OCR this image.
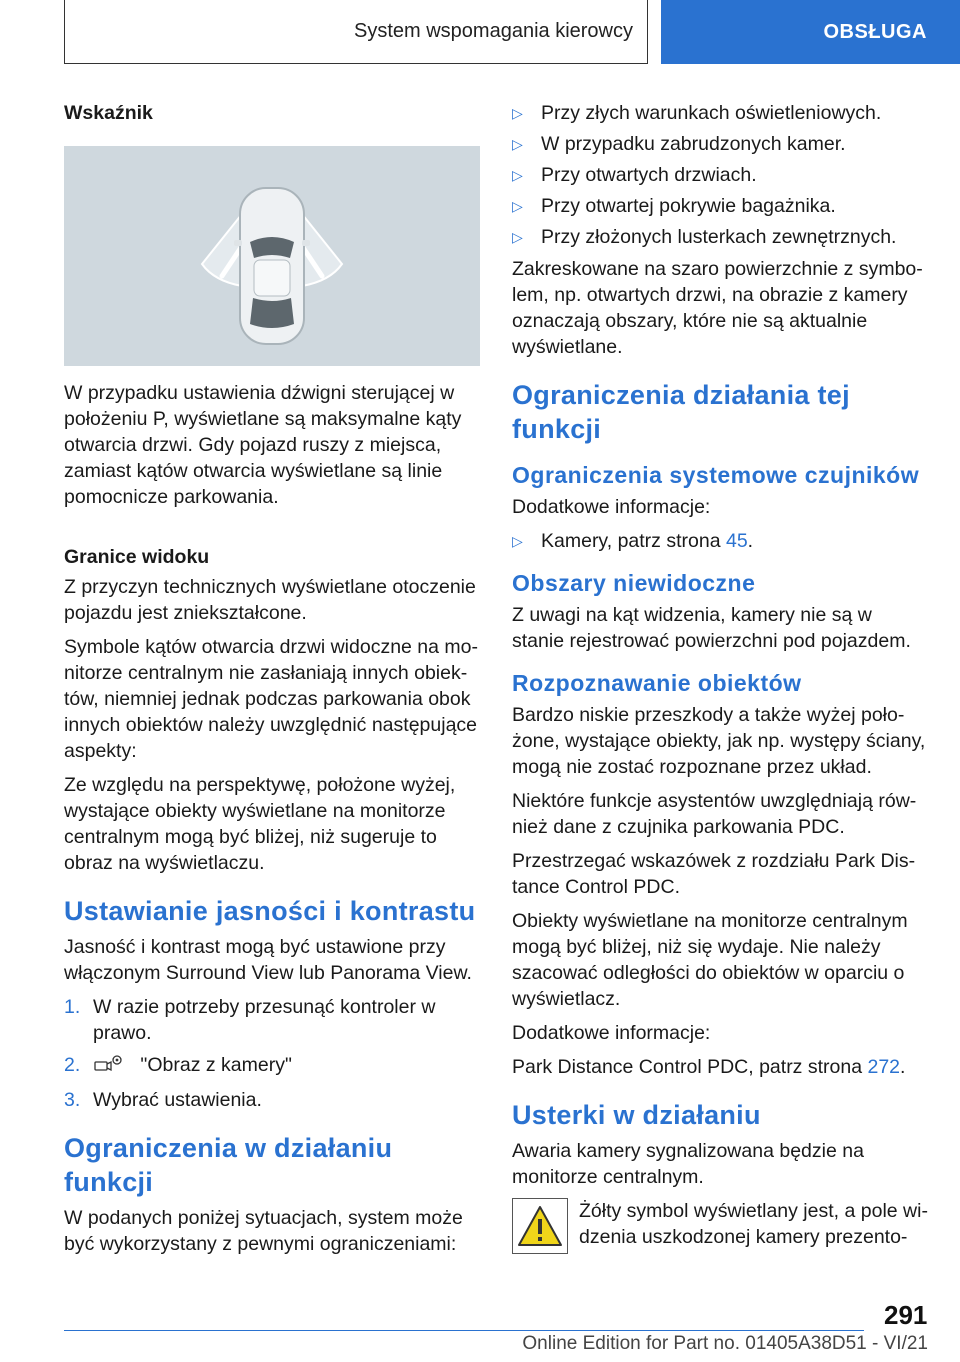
System wspomagania kierowcy	OBSŁUGA
Wskaźnik

W przypadku ustawienia dźwigni sterującej w położeniu P, wyświetlane są maksymalne kąty otwarcia drzwi. Gdy pojazd ruszy z miejsca, zamiast kątów otwarcia wyświetlane są linie pomocnicze parkowania.

Granice widoku

Z przyczyn technicznych wyświetlane otoczenie pojazdu jest zniekształcone.

Symbole kątów otwarcia drzwi widoczne na monitorze centralnym nie zasłaniają innych obiektów, niemniej jednak podczas parkowania obok innych obiektów należy uwzględnić następujące aspekty:

Ze względu na perspektywę, położone wyżej, wystające obiekty wyświetlane na monitorze centralnym mogą być bliżej, niż sugeruje to obraz na wyświetlaczu.

Ustawianie jasności i kontrastu

Jasność i kontrast mogą być ustawione przy włączonym Surround View lub Panorama View.

1. W razie potrzeby przesunąć kontroler w prawo.
2.	"Obraz z kamery"
3. Wybrać ustawienia.
Ograniczenia w działaniu funkcji

W podanych poniżej sytuacjach, system może być wykorzystany z pewnymi ograniczeniami:

▷ Przy złych warunkach oświetleniowych.
▷ W przypadku zabrudzonych kamer.
▷ Przy otwartych drzwiach.
▷ Przy otwartej pokrywie bagażnika.
▷ Przy złożonych lusterkach zewnętrznych.

Zakreskowane na szaro powierzchnie z symbolem, np. otwartych drzwi, na obrazie z kamery oznaczają obszary, które nie są aktualnie wyświetlane.

Ograniczenia działania tej funkcji
Ograniczenia systemowe czujników

Dodatkowe informacje:

▷ Kamery, patrz strona 45.
Obszary niewidoczne

Z uwagi na kąt widzenia, kamery nie są w stanie rejestrować powierzchni pod pojazdem.

Rozpoznawanie obiektów

Bardzo niskie przeszkody a także wyżej położone, wystające obiekty, jak np. występy ściany, mogą nie zostać rozpoznane przez układ.

Niektóre funkcje asystentów uwzględniają również dane z czujnika parkowania PDC.

Przestrzegać wskazówek z rozdziału Park Distance Control PDC.

Obiekty wyświetlane na monitorze centralnym mogą być bliżej, niż się wydaje. Nie należy szacować odległości do obiektów w oparciu o wyświetlacz.

Dodatkowe informacje:

Park Distance Control PDC, patrz strona 272.

Usterki w działaniu

Awaria kamery sygnalizowana będzie na monitorze centralnym.

Żółty symbol wyświetlany jest, a pole widzenia uszkodzonej kamery prezento-

291
Online Edition for Part no. 01405A38D51 - VI/21
